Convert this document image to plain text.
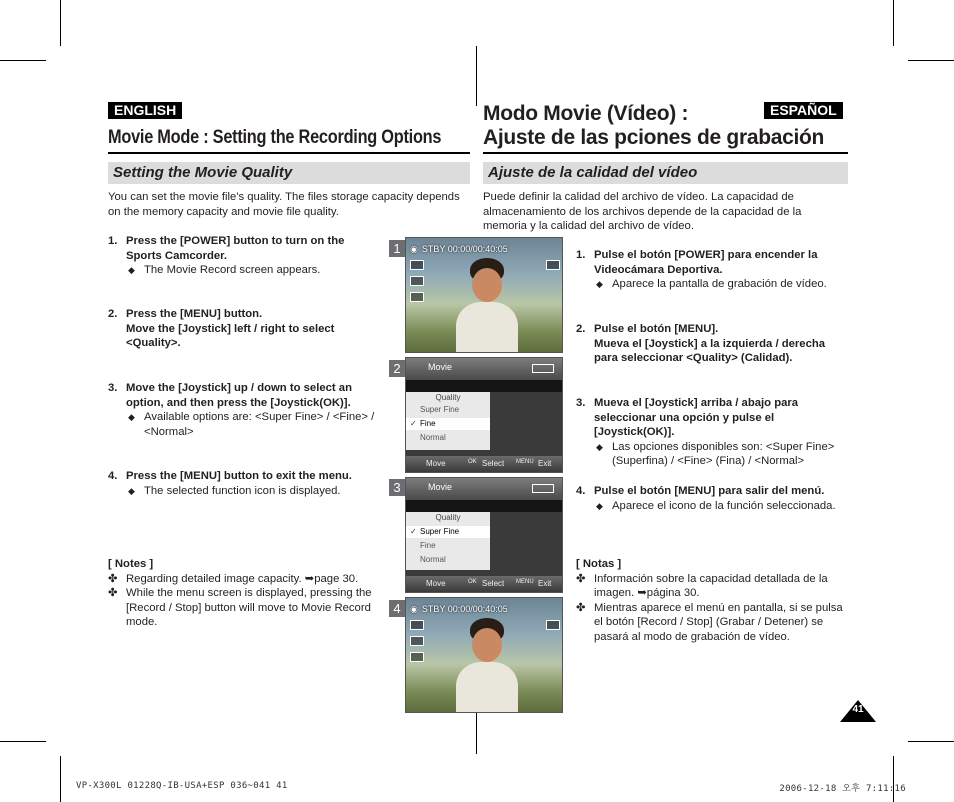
ENGLISH
Movie Mode : Setting the Recording Options
Setting the Movie Quality
You can set the movie file's quality. The files storage capacity depends on the memory capacity and movie file quality.
1. Press the [POWER] button to turn on the Sports Camcorder.
◆ The Movie Record screen appears.
2. Press the [MENU] button.
Move the [Joystick] left / right to select <Quality>.
3. Move the [Joystick] up / down to select an option, and then press the [Joystick(OK)].
◆ Available options are: <Super Fine> / <Fine> / <Normal>
4. Press the [MENU] button to exit the menu.
◆ The selected function icon is displayed.
[ Notes ]
✤ Regarding detailed image capacity. ➥page 30.
✤ While the menu screen is displayed, pressing the [Record / Stop] button will move to Movie Record mode.
Modo Movie (Vídeo) :	ESPAÑOL
Ajuste de las pciones de grabación
Ajuste de la calidad del vídeo
Puede definir la calidad del archivo de vídeo. La capacidad de almacenamiento de los archivos depende de la capacidad de la memoria y la calidad del archivo de vídeo.
1. Pulse el botón [POWER] para encender la Videocámara Deportiva.
◆ Aparece la pantalla de grabación de vídeo.
2. Pulse el botón [MENU].
Mueva el [Joystick] a la izquierda / derecha para seleccionar <Quality> (Calidad).
3. Mueva el [Joystick] arriba / abajo para seleccionar una opción y pulse el [Joystick(OK)].
◆ Las opciones disponibles son: <Super Fine> (Superfina) / <Fine> (Fina) / <Normal>
4. Pulse el botón [MENU] para salir del menú.
◆ Aparece el icono de la función seleccionada.
[ Notas ]
✤ Información sobre la capacidad detallada de la imagen. ➥página 30.
✤ Mientras aparece el menú en pantalla, si se pulsa el botón [Record / Stop] (Grabar / Detener) se pasará al modo de grabación de vídeo.
1	◉ STBY 00:00/00:40:05
2	Movie
Quality
Super Fine
✓ Fine
Normal
Move	OK Select MENU Exit
3	Movie
Quality
✓ Super Fine
Fine
Normal
Move	OK Select MENU Exit
4	◉ STBY 00:00/00:40:05
41
VP-X300L 01228Q-IB-USA+ESP 036~041 41	2006-12-18 오후 7:11:16
